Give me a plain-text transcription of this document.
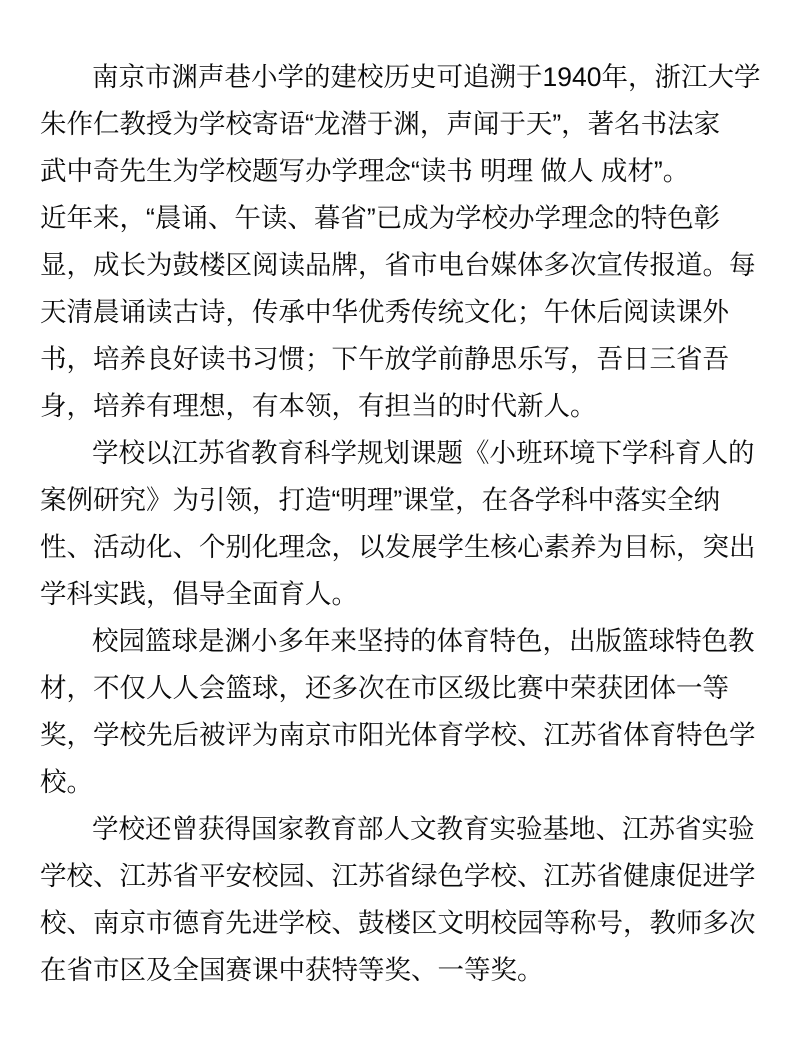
南京市渊声巷小学的建校历史可追溯于1940年，浙江大学
朱作仁教授为学校寄语“龙潜于渊，声闻于天”，著名书法家
武中奇先生为学校题写办学理念“读书 明理 做人 成材”。
近年来，“晨诵、午读、暮省”已成为学校办学理念的特色彰
显，成长为鼓楼区阅读品牌，省市电台媒体多次宣传报道。每
天清晨诵读古诗，传承中华优秀传统文化；午休后阅读课外
书，培养良好读书习惯；下午放学前静思乐写，吾日三省吾
身，培养有理想，有本领，有担当的时代新人。
学校以江苏省教育科学规划课题《小班环境下学科育人的
案例研究》为引领，打造“明理”课堂，在各学科中落实全纳
性、活动化、个别化理念，以发展学生核心素养为目标，突出
学科实践，倡导全面育人。
校园篮球是渊小多年来坚持的体育特色，出版篮球特色教
材，不仅人人会篮球，还多次在市区级比赛中荣获团体一等
奖，学校先后被评为南京市阳光体育学校、江苏省体育特色学
校。
学校还曾获得国家教育部人文教育实验基地、江苏省实验
学校、江苏省平安校园、江苏省绿色学校、江苏省健康促进学
校、南京市德育先进学校、鼓楼区文明校园等称号，教师多次
在省市区及全国赛课中获特等奖、一等奖。
